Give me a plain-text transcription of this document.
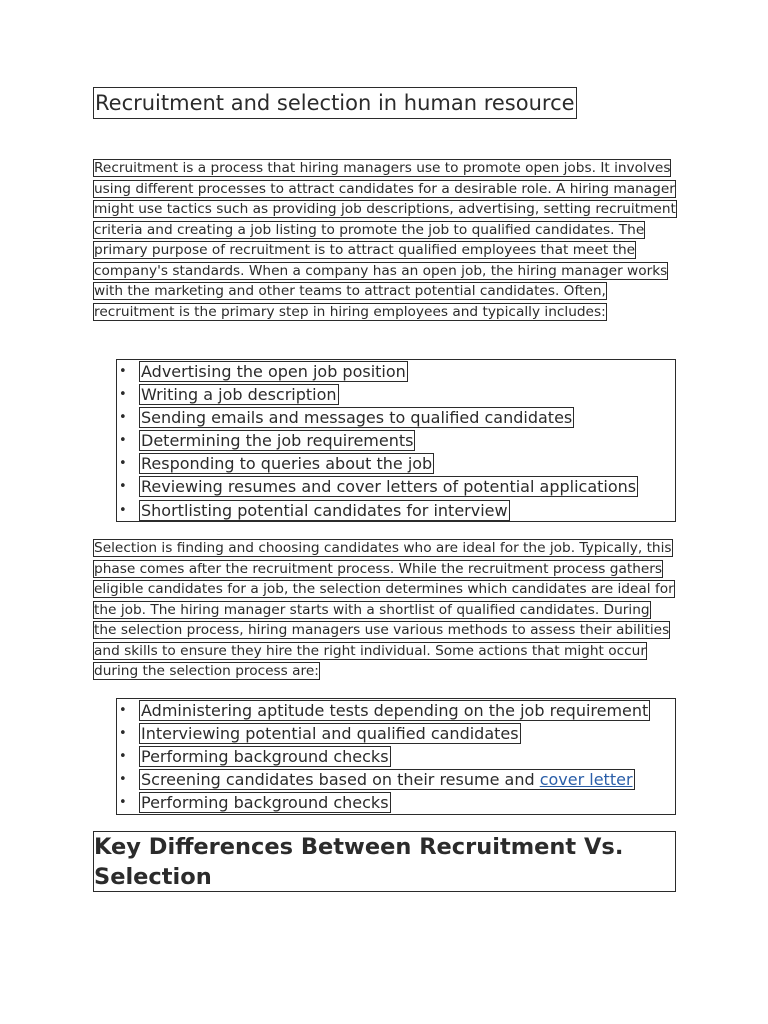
Recruitment and selection in human resource

Recruitment is a process that hiring managers use to promote open jobs. It involves using different processes to attract candidates for a desirable role. A hiring manager might use tactics such as providing job descriptions, advertising, setting recruitment criteria and creating a job listing to promote the job to qualified candidates. The primary purpose of recruitment is to attract qualified employees that meet the company's standards. When a company has an open job, the hiring manager works with the marketing and other teams to attract potential candidates. Often, recruitment is the primary step in hiring employees and typically includes:

• Advertising the open job position
• Writing a job description
• Sending emails and messages to qualified candidates
• Determining the job requirements
• Responding to queries about the job
• Reviewing resumes and cover letters of potential applications
• Shortlisting potential candidates for interview

Selection is finding and choosing candidates who are ideal for the job. Typically, this phase comes after the recruitment process. While the recruitment process gathers eligible candidates for a job, the selection determines which candidates are ideal for the job. The hiring manager starts with a shortlist of qualified candidates. During the selection process, hiring managers use various methods to assess their abilities and skills to ensure they hire the right individual. Some actions that might occur during the selection process are:

• Administering aptitude tests depending on the job requirement
• Interviewing potential and qualified candidates
• Performing background checks
• Screening candidates based on their resume and cover letter
• Performing background checks
Key Differences Between Recruitment Vs. Selection
